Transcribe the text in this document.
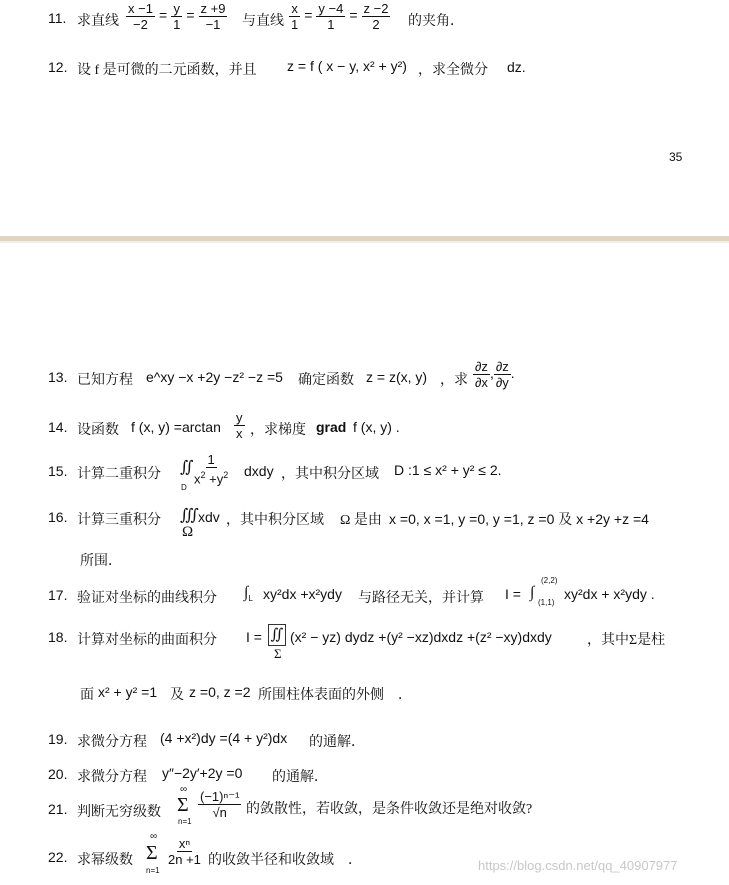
11. 求直线 $\frac{x -1}{-2} = \frac{y}{1} = \frac{z +9}{-1}$ 与直线 $\frac{x}{1} = \frac{y -4}{1} = \frac{z -2}{2}$ 的夹角．
12. 设 f 是可微的二元函数，并且 z = f ( x − y, x² + y²) ，求全微分 dz.
35
13. 已知方程 e^xy −x +2y −z² −z =5 确定函数 z = z(x, y) ，求 $\frac{\partial z}{\partial x}$ , $\frac{\partial z}{\partial y}$ .
14. 设函数 f (x, $y) =\arctan \frac{y}{x}$ ，求梯度 grad f (x, y) .
15. 计算二重积分 ∬
D
$\frac{1}{x^2 +y^2}$ dxdy ，其中积分区域 D :1 ≤ x² + y² ≤ 2.
16. 计算三重积分 ∭
Ω
xdv ，其中积分区域 Ω 是由 x =0, x =1, y =0, y =1, z =0 及 x +2y +z =4
所围．
17. 验证对坐标的曲线积分 $\int_L$ xy²dx +x²ydy 与路径无关，并计算 I = ∫
(2,2)
(1,1)
xy²dx + x²ydy .
18. 计算对坐标的曲面积分 I = ∬
Σ
(x² − yz) dydz +(y² −xz)dxdz +(z² −xy)dxdy	，其中Σ是柱
面 x² + y² =1 及 z =0, z =2 所围柱体表面的外侧　．
19. 求微分方程 (4 +x²)dy =(4 + y²)dx 的通解．
20. 求微分方程 y″−2y′+2y =0 的通解．
21. 判断无穷级数
∞
Σ
n=1
$\frac{\text{(−1)ⁿ⁻¹}}{√n}$ 的敛散性，若收敛，是条件收敛还是绝对收敛?
22. 求幂级数
∞
Σ
n=1
$\frac{\text{xⁿ}}{2n +1}$ 的收敛半径和收敛域　．	https://blog.csdn.net/qq_40907977
